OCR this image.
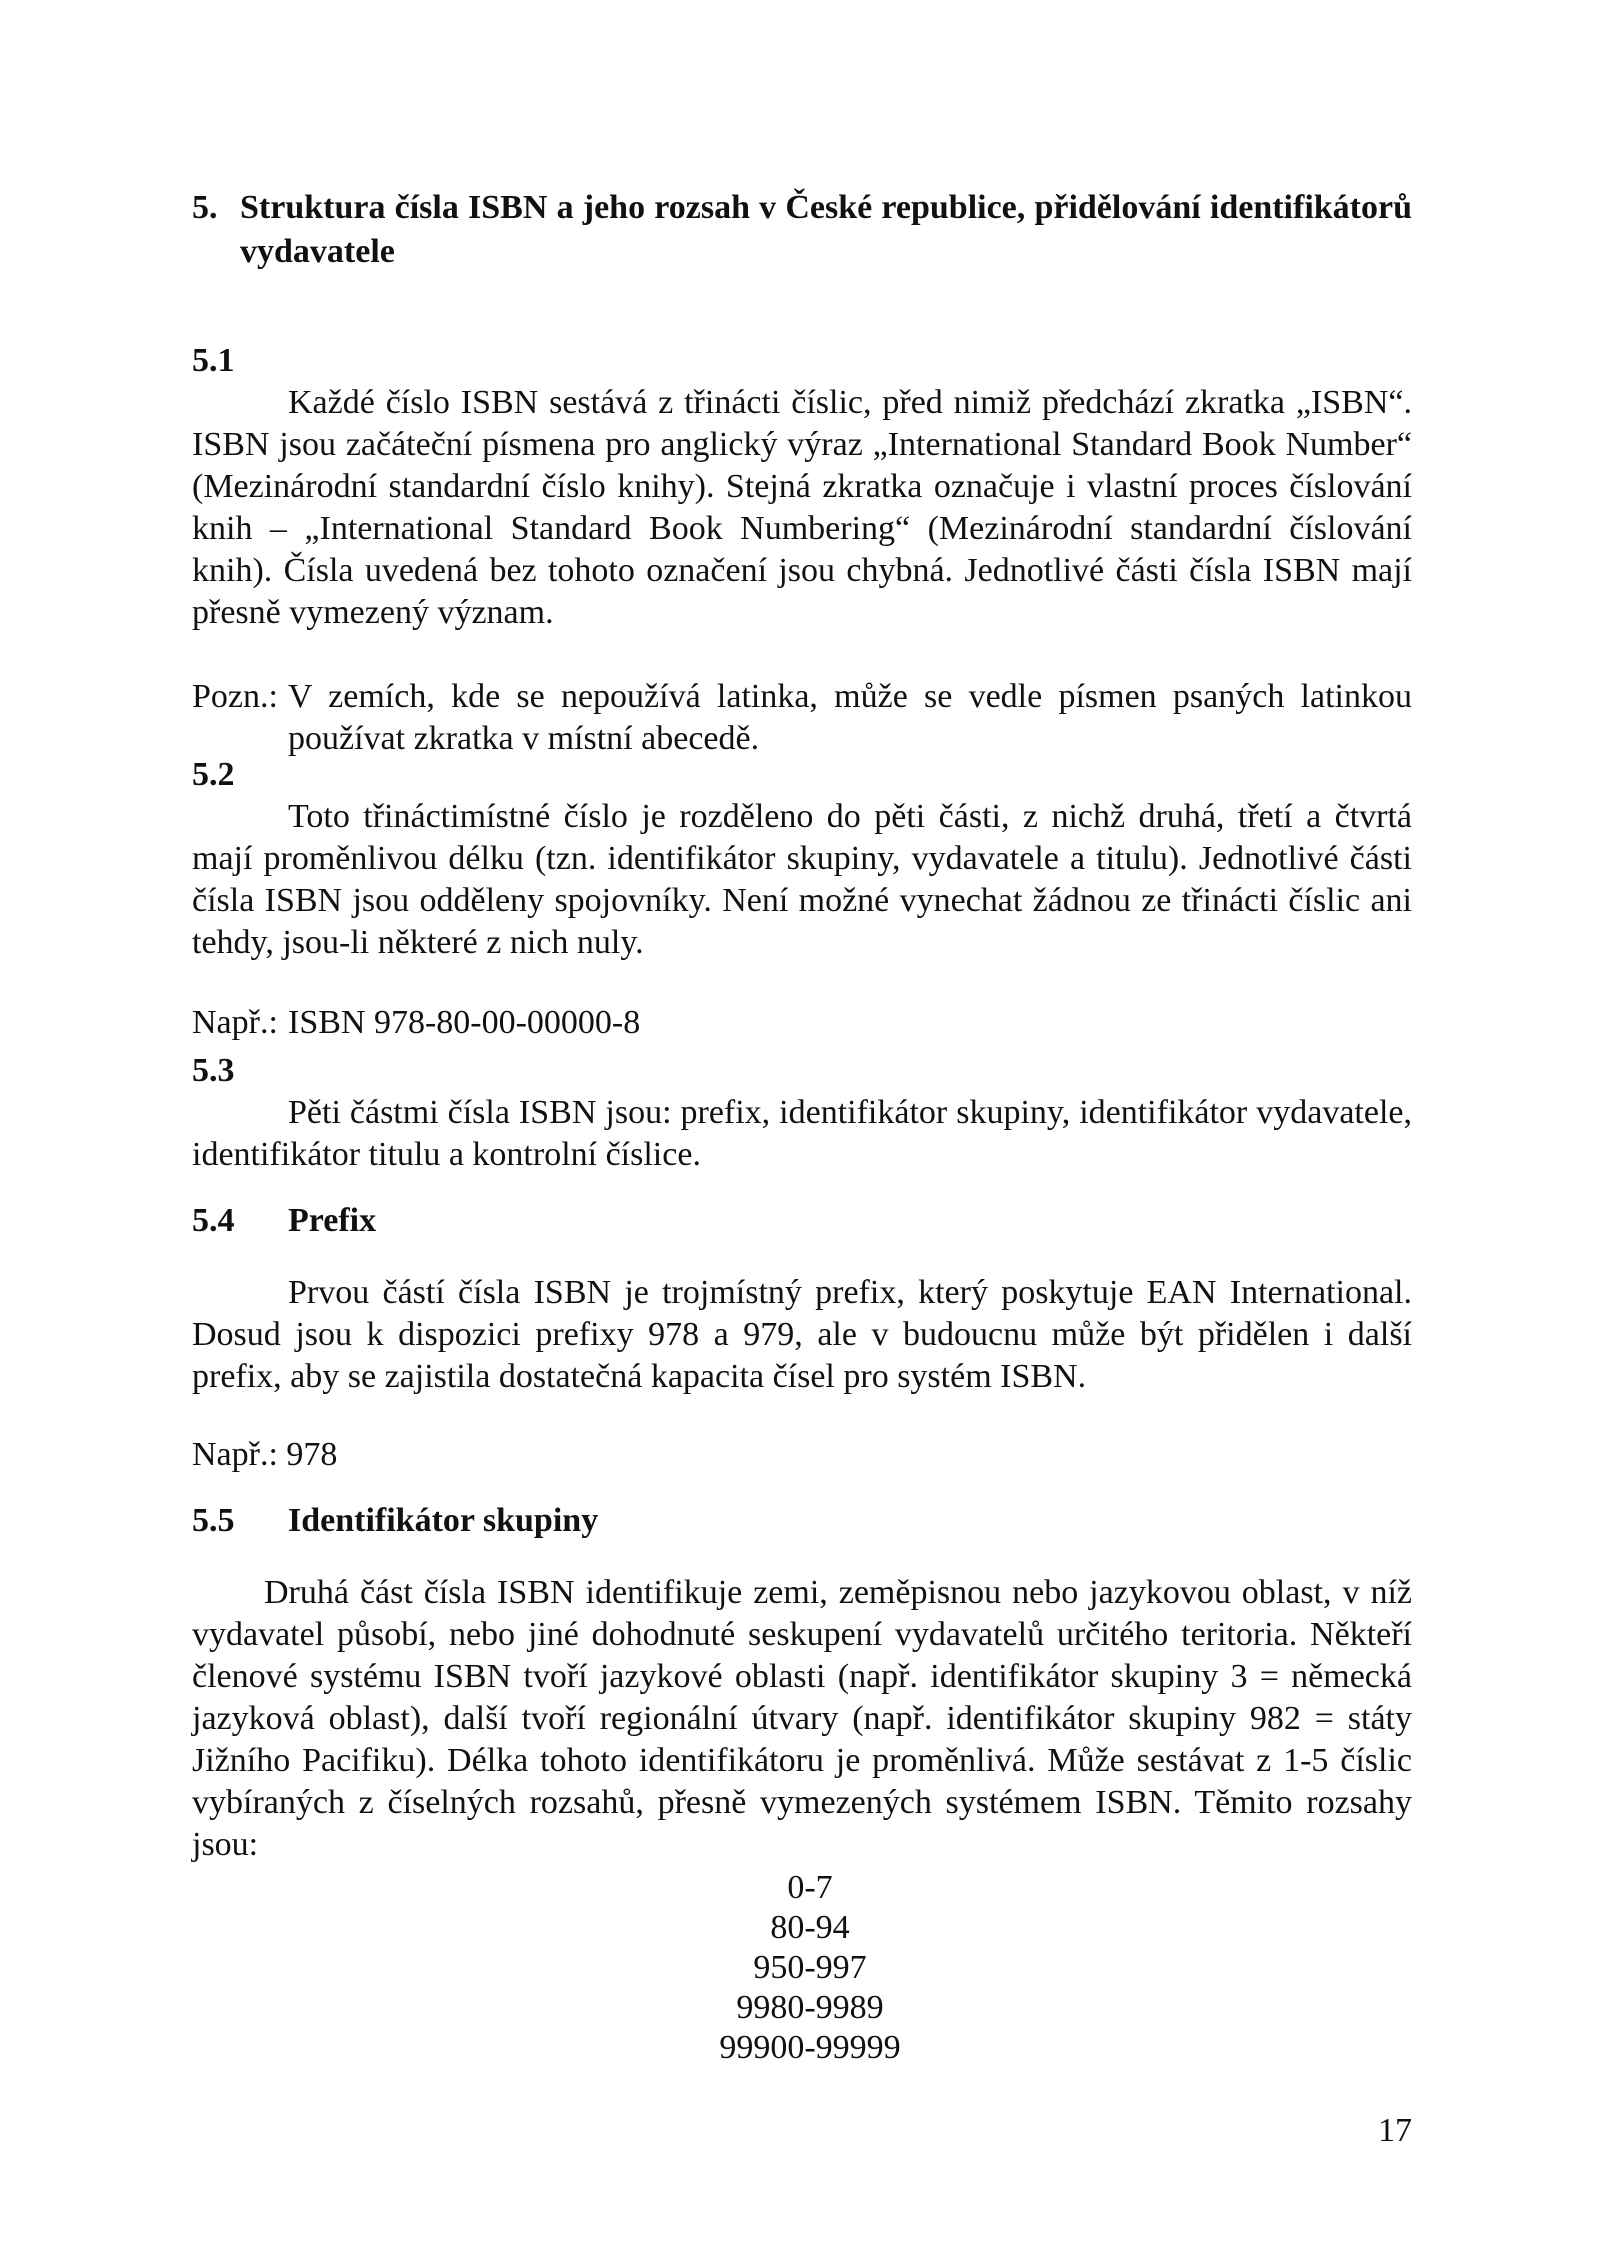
5. Struktura čísla ISBN a jeho rozsah v České republice, přidělování identifikátorů vydavatele
5.1

Každé číslo ISBN sestává z třinácti číslic, před nimiž předchází zkratka „ISBN“. ISBN jsou začáteční písmena pro anglický výraz „International Standard Book Number“ (Mezinárodní standardní číslo knihy). Stejná zkratka označuje i vlastní proces číslování knih – „International Standard Book Numbering“ (Mezinárodní standardní číslování knih). Čísla uvedená bez tohoto označení jsou chybná. Jednotlivé části čísla ISBN mají přesně vymezený význam.

Pozn.: V zemích, kde se nepoužívá latinka, může se vedle písmen psaných latinkou používat zkratka v místní abecedě.
5.2

Toto třináctimístné číslo je rozděleno do pěti části, z nichž druhá, třetí a čtvrtá mají proměnlivou délku (tzn. identifikátor skupiny, vydavatele a titulu). Jednotlivé části čísla ISBN jsou odděleny spojovníky. Není možné vynechat žádnou ze třinácti číslic ani tehdy, jsou-li některé z nich nuly.

Např.: ISBN 978-80-00-00000-8
5.3

Pěti částmi čísla ISBN jsou: prefix, identifikátor skupiny, identifikátor vydavatele, identifikátor titulu a kontrolní číslice.

5.4	Prefix

Prvou částí čísla ISBN je trojmístný prefix, který poskytuje EAN International. Dosud jsou k dispozici prefixy 978 a 979, ale v budoucnu může být přidělen i další prefix, aby se zajistila dostatečná kapacita čísel pro systém ISBN.

Např.: 978
5.5	Identifikátor skupiny

Druhá část čísla ISBN identifikuje zemi, zeměpisnou nebo jazykovou oblast, v níž vydavatel působí, nebo jiné dohodnuté seskupení vydavatelů určitého teritoria. Někteří členové systému ISBN tvoří jazykové oblasti (např. identifikátor skupiny 3 = německá jazyková oblast), další tvoří regionální útvary (např. identifikátor skupiny 982 = státy Jižního Pacifiku). Délka tohoto identifikátoru je proměnlivá. Může sestávat z 1-5 číslic vybíraných z číselných rozsahů, přesně vymezených systémem ISBN. Těmito rozsahy jsou:

0-7
80-94
950-997
9980-9989
99900-99999
17
